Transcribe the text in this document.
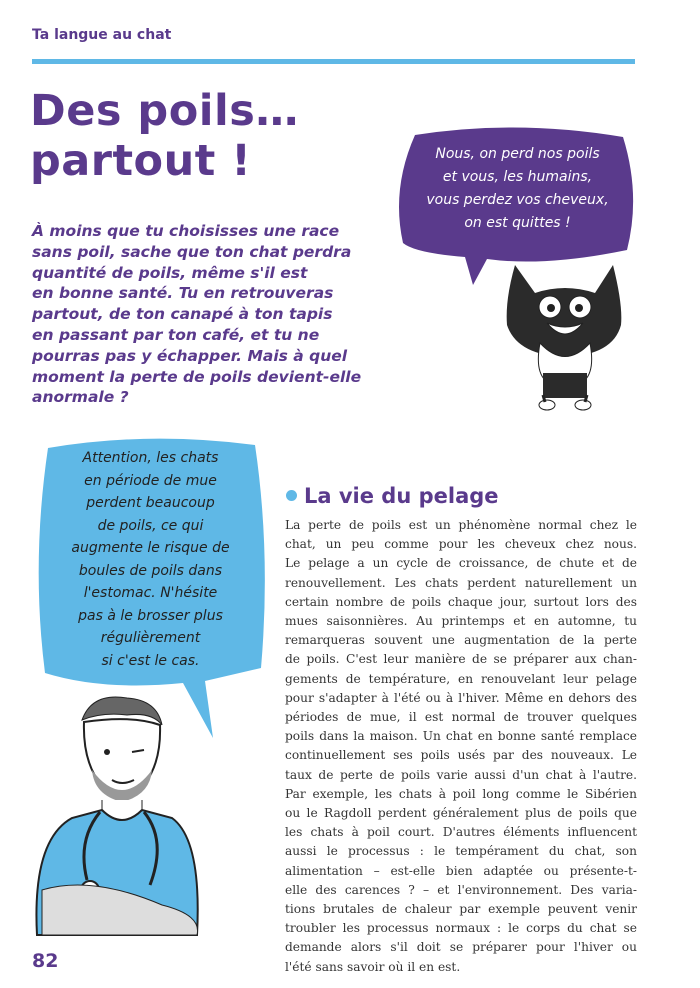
Ta langue au chat
Des poils…
partout !
À moins que tu choisisses une race
sans poil, sache que ton chat perdra
quantité de poils, même s'il est
en bonne santé. Tu en retrouveras
partout, de ton canapé à ton tapis
en passant par ton café, et tu ne
pourras pas y échapper. Mais à quel
moment la perte de poils devient-elle
anormale ?
Nous, on perd nos poils
et vous, les humains,
vous perdez vos cheveux,
on est quittes !
Attention, les chats
en période de mue
perdent beaucoup
de poils, ce qui
augmente le risque de
boules de poils dans
l'estomac. N'hésite
pas à le brosser plus
régulièrement
si c'est le cas.
La vie du pelage
La perte de poils est un phénomène normal chez le
chat, un peu comme pour les cheveux chez nous.
Le pelage a un cycle de croissance, de chute et de
renouvellement. Les chats perdent naturellement un
certain nombre de poils chaque jour, surtout lors des
mues saisonnières. Au printemps et en automne, tu
remarqueras souvent une augmentation de la perte
de poils. C'est leur manière de se préparer aux chan-
gements de température, en renouvelant leur pelage
pour s'adapter à l'été ou à l'hiver. Même en dehors des
périodes de mue, il est normal de trouver quelques
poils dans la maison. Un chat en bonne santé remplace
continuellement ses poils usés par des nouveaux. Le
taux de perte de poils varie aussi d'un chat à l'autre.
Par exemple, les chats à poil long comme le Sibérien
ou le Ragdoll perdent généralement plus de poils que
les chats à poil court. D'autres éléments influencent
aussi le processus : le tempérament du chat, son
alimentation – est-elle bien adaptée ou présente-t-
elle des carences ? – et l'environnement. Des varia-
tions brutales de chaleur par exemple peuvent venir
troubler les processus normaux : le corps du chat se
demande alors s'il doit se préparer pour l'hiver ou
l'été sans savoir où il en est.
82
